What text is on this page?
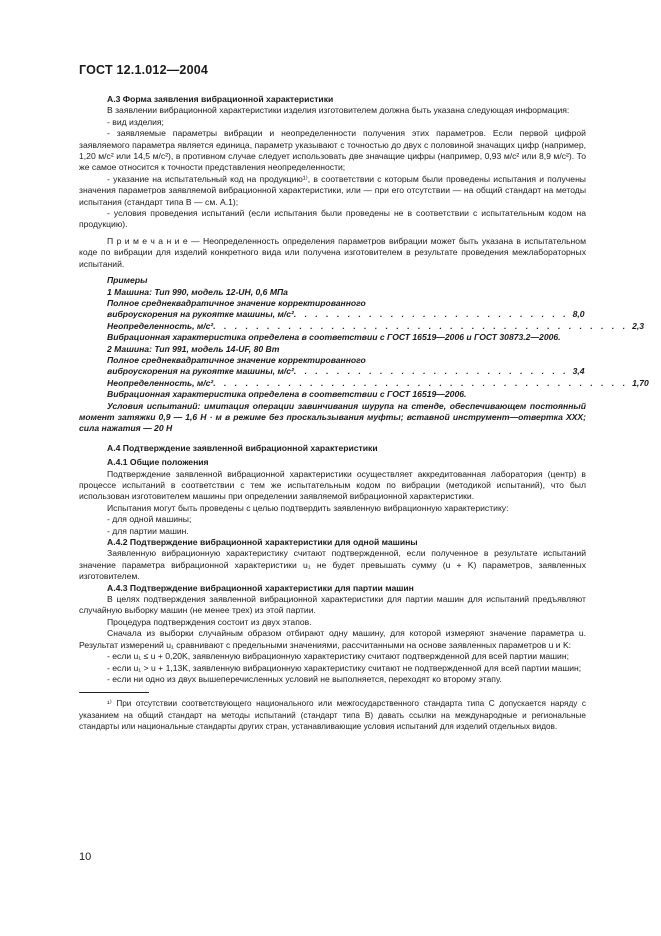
ГОСТ 12.1.012—2004

А.3 Форма заявления вибрационной характеристики

В заявлении вибрационной характеристики изделия изготовителем должна быть указана следующая информация:

- вид изделия;

- заявляемые параметры вибрации и неопределенности получения этих параметров. Если первой цифрой заявляемого параметра является единица, параметр указывают с точностью до двух с половиной значащих цифр (например, 1,20 м/с² или 14,5 м/с²), в противном случае следует использовать две значащие цифры (например, 0,93 м/с² или 8,9 м/с²). То же самое относится к точности представления неопределенности;

- указание на испытательный код на продукцию¹⁾, в соответствии с которым были проведены испытания и получены значения параметров заявляемой вибрационной характеристики, или — при его отсутствии — на общий стандарт на методы испытания (стандарт типа В — см. А.1);

- условия проведения испытаний (если испытания были проведены не в соответствии с испытательным кодом на продукцию).

П р и м е ч а н и е — Неопределенность определения параметров вибрации может быть указана в испытательном коде по вибрации для изделий конкретного вида или получена изготовителем в результате проведения межлабораторных испытаний.

Примеры

1 Машина: Тип 990, модель 12-UH, 0,6 МПа

Полное среднеквадратичное значение корректированного

виброускорения на рукоятке машины, м/с² . . . . . . . . . . . . . . . . . . . . . . . . . . 8,0
Неопределенность, м/с² . . . . . . . . . . . . . . . . . . . . . . . . . . . . . . . . . . . . . . . 2,3

Вибрационная характеристика определена в соответствии с ГОСТ 16519—2006 и ГОСТ 30873.2—2006.

2 Машина: Тип 991, модель 14-UF, 80 Вт

Полное среднеквадратичное значение корректированного

виброускорения на рукоятке машины, м/с² . . . . . . . . . . . . . . . . . . . . . . . . . . 3,4
Неопределенность, м/с² . . . . . . . . . . . . . . . . . . . . . . . . . . . . . . . . . . . . . . . 1,70

Вибрационная характеристика определена в соответствии с ГОСТ 16519—2006.

Условия испытаний: имитация операции завинчивания шурупа на стенде, обеспечивающем постоянный момент затяжки 0,9 — 1,6 Н · м в режиме без проскальзывания муфты; вставной инструмент—отвертка ХХХ; сила нажатия — 20 Н

А.4 Подтверждение заявленной вибрационной характеристики

А.4.1 Общие положения

Подтверждение заявленной вибрационной характеристики осуществляет аккредитованная лаборатория (центр) в процессе испытаний в соответствии с тем же испытательным кодом по вибрации (методикой испытаний), что был использован изготовителем машины при определении заявляемой вибрационной характеристики.

Испытания могут быть проведены с целью подтвердить заявленную вибрационную характеристику:

- для одной машины;

- для партии машин.

А.4.2 Подтверждение вибрационной характеристики для одной машины

Заявленную вибрационную характеристику считают подтвержденной, если полученное в результате испытаний значение параметра вибрационной характеристики u₁ не будет превышать сумму (u + K) параметров, заявленных изготовителем.

А.4.3 Подтверждение вибрационной характеристики для партии машин

В целях подтверждения заявленной вибрационной характеристики для партии машин для испытаний предъявляют случайную выборку машин (не менее трех) из этой партии.

Процедура подтверждения состоит из двух этапов.

Сначала из выборки случайным образом отбирают одну машину, для которой измеряют значение параметра u. Результат измерений u₁ сравнивают с предельными значениями, рассчитанными на основе заявленных параметров u и K:

- если u₁ ≤ u + 0,20K, заявленную вибрационную характеристику считают подтвержденной для всей партии машин;

- если u₁ > u + 1,13K, заявленную вибрационную характеристику считают не подтвержденной для всей партии машин;

- если ни одно из двух вышеперечисленных условий не выполняется, переходят ко второму этапу.

¹⁾ При отсутствии соответствующего национального или межгосударственного стандарта типа С допускается наряду с указанием на общий стандарт на методы испытаний (стандарт типа В) давать ссылки на международные и региональные стандарты или национальные стандарты других стран, устанавливающие условия испытаний для изделий отдельных видов.

10
